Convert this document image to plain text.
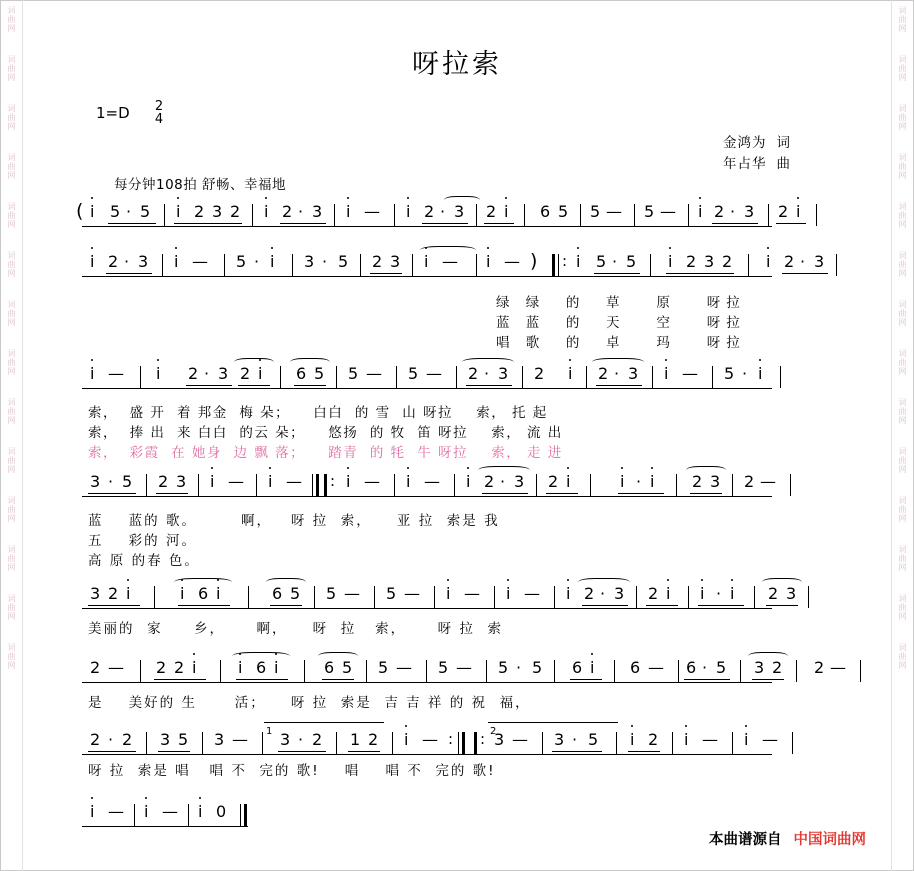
词曲网
词曲网
词曲网
词曲网
词曲网
词曲网
词曲网
词曲网
词曲网
词曲网
词曲网
词曲网
词曲网
词曲网
词曲网
词曲网
词曲网
词曲网
词曲网
词曲网
词曲网
词曲网
词曲网
词曲网
词曲网
词曲网
词曲网
词曲网
呀拉索
1=D	2
4
金鸿为 词
年占华 曲
每分钟108拍 舒畅、幸福地
( i 5 · 5 i 2 3 2 i 2 · 3 i — i 2 · 3 2 i 6 5 5 — 5 — i 2 · 3 2 i
i 2 · 3 i — 5 · i 3 · 5 2 3 i — i — ) : i 5 · 5 i 2 3 2 i 2 · 3
绿 绿  的  草   原   呀拉
蓝 蓝  的  天   空   呀拉
唱 歌  的  卓   玛   呀拉
i — i 2 · 3 2 i 6 5 5 — 5 — 2 · 3 2 i 2 · 3 i — 5 · i
索，  盛 开  着 邦金  梅 朵；    白白  的 雪  山 呀拉    索， 托 起
索，  捧 出  来 白白  的云 朵；    悠扬  的 牧  笛 呀拉    索， 流 出
索，  彩霞  在 她身  边 飘 落；    踏青  的 牦  牛 呀拉    索， 走 进
3 · 5 2 3 i — i — : i — i — i 2 · 3 2 i	i · i 2 3 2 —
蓝    蓝的 歌。       啊，   呀 拉  索，    亚 拉  索是 我
五    彩的 河。
高 原 的春 色。
3 2 i	i 6 i	6 5 5 — 5 — i — i — i 2 · 3 2 i i · i 2 3
美丽的  家     乡，     啊，    呀  拉   索，     呀 拉  索
2 — 2 2 i	i 6 i	6 5 5 — 5 — 5 · 5 6 i 6 — 6 · 5 3 2 2 —
是    美好的 生      活；    呀 拉  索是  吉 吉 祥 的 祝  福，
2 · 2 3 5 3 — 1 3 · 2 1 2 i — : : 2
3 — 3 · 5 i 2 i — i —
呀 拉  索是 唱   唱 不  完的 歌!    唱    唱 不  完的 歌!
i — i — i 0
本曲谱源自 中国词曲网
